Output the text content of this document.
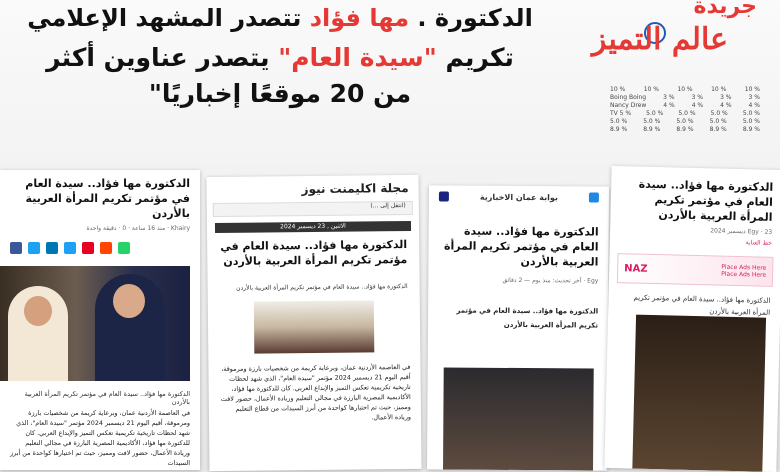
الدكتورة . مها فؤاد تتصدر المشهد الإعلامي
تكريم "سيدة العام" يتصدر عناوين أكثر
من 20 موقعًا إخباريًا"
جريدة
عالم التميز
10 %	10 %	10 %	10 %	10 %
Boing Boing	3 %	3 %	3 %	3 %
Nancy Drew	4 %	4 %	4 %	4 %
TV 5 %	5.0 %	5.0 %	5.0 %	5.0 %
5.0 %	5.0 %	5.0 %	5.0 %	5.0 %
8.9 %	8.9 %	8.9 %	8.9 %	8.9 %
الدكتورة مها فؤاد.. سيدة العام في مؤتمر تكريم المرأة العربية بالأردن
Khairy · منذ 16 ساعة · 0 · دقيقة واحدة
الدكتورة مها فؤاد.. سيدة العام في مؤتمر تكريم المرأة العربية بالأردن
في العاصمة الأردنية عمان، وبرعاية كريمة من شخصيات بارزة ومرموقة، أقيم اليوم 21 ديسمبر 2024 مؤتمر "سيدة العام"، الذي شهد لحظات تاريخية تكريمية تعكس التميز والإبداع العربي. كان للدكتورة مها فؤاد، الأكاديمية المصرية البارزة في مجالي التعليم وريادة الأعمال، حضور لافت ومميز، حيث تم اختيارها كواحدة من أبرز السيدات
مجلة اكليمنت نيوز
(انتقل إلى ...)
الاثنين , 23 ديسمبر 2024
الدكتورة مها فؤاد.. سيدة العام في مؤتمر تكريم المرأة العربية بالأردن
الدكتورة مها فؤاد.. سيدة العام في مؤتمر تكريم المرأة العربية بالأردن
في العاصمة الأردنية عمان، وبرعاية كريمة من شخصيات بارزة ومرموقة، أقيم اليوم 21 ديسمبر 2024 مؤتمر "سيدة العام"، الذي شهد لحظات تاريخية تكريمية تعكس التميز والإبداع العربي. كان للدكتورة مها فؤاد، الأكاديمية المصرية البارزة في مجالي التعليم وريادة الأعمال، حضور لافت ومميز، حيث تم اختيارها كواحدة من أبرز السيدات من قطاع التعليم وريادة الأعمال.
بوابة عمان الاخبارية
الدكتورة مها فؤاد.. سيدة العام في مؤتمر تكريم المرأة العربية بالأردن
Egy · آخر تحديث: منذ يوم — 2 دقائق
الدكتورة مها فؤاد.. سيدة العام في مؤتمر تكريم المرأة العربية بالأردن
الدكتورة مها فؤاد.. سيدة العام في مؤتمر تكريم المرأة العربية بالأردن
Egy · 23 ديسمبر 2024
خط العناية
NAZ	Place Ads Here
Place Ads Here
الدكتورة مها فؤاد.. سيدة العام في مؤتمر تكريم المرأة العربية بالأردن
